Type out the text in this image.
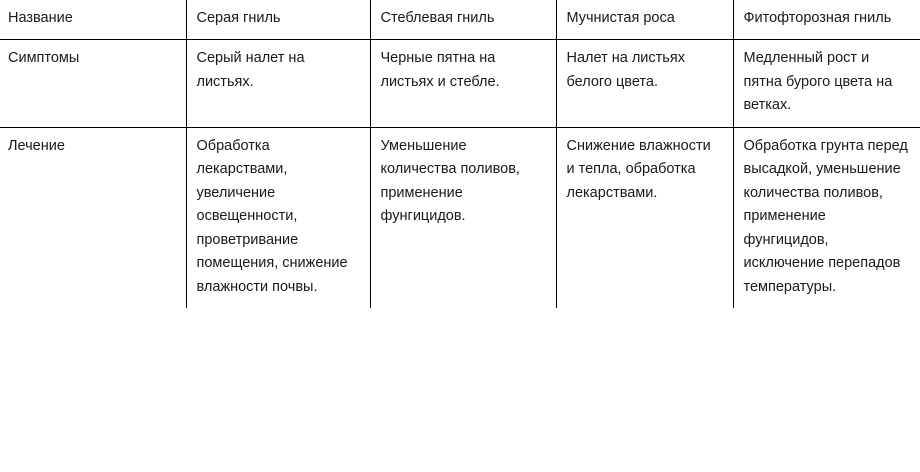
Название	Серая гниль	Стеблевая гниль	Мучнистая роса	Фитофторозная гниль

Симптомы	Серый налет на листьях.	Черные пятна на листьях и стебле.	Налет на листьях белого цвета.	Медленный рост и пятна бурого цвета на ветках.

Лечение	Обработка лекарствами, увеличение освещенности, проветривание помещения, снижение влажности почвы.	Уменьшение количества поливов, применение фунгицидов.	Снижение влажности и тепла, обработка лекарствами.	Обработка грунта перед высадкой, уменьшение количества поливов, применение фунгицидов, исключение перепадов температуры.
